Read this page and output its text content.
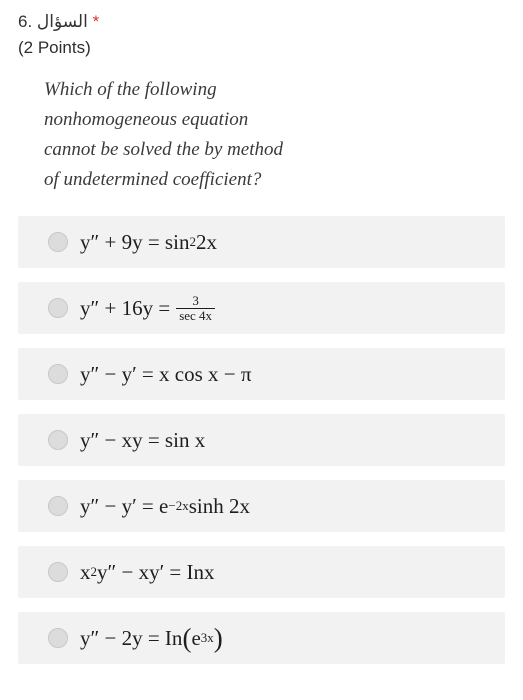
6. السؤال *
(2 Points)
Which of the following
nonhomogeneous equation
cannot be solved the by method
of undetermined coefficient?
y″ + 9y = sin 2 2x
$y'' + 16y = \frac{3}{\sec 4x}$
y″ − y′ = x cos x − π
y″ − xy = sin x
y″ − y′ = e −2x sinh 2x
x 2 y″ − xy′ = Inx
y″ − 2y = In ( e 3x )
